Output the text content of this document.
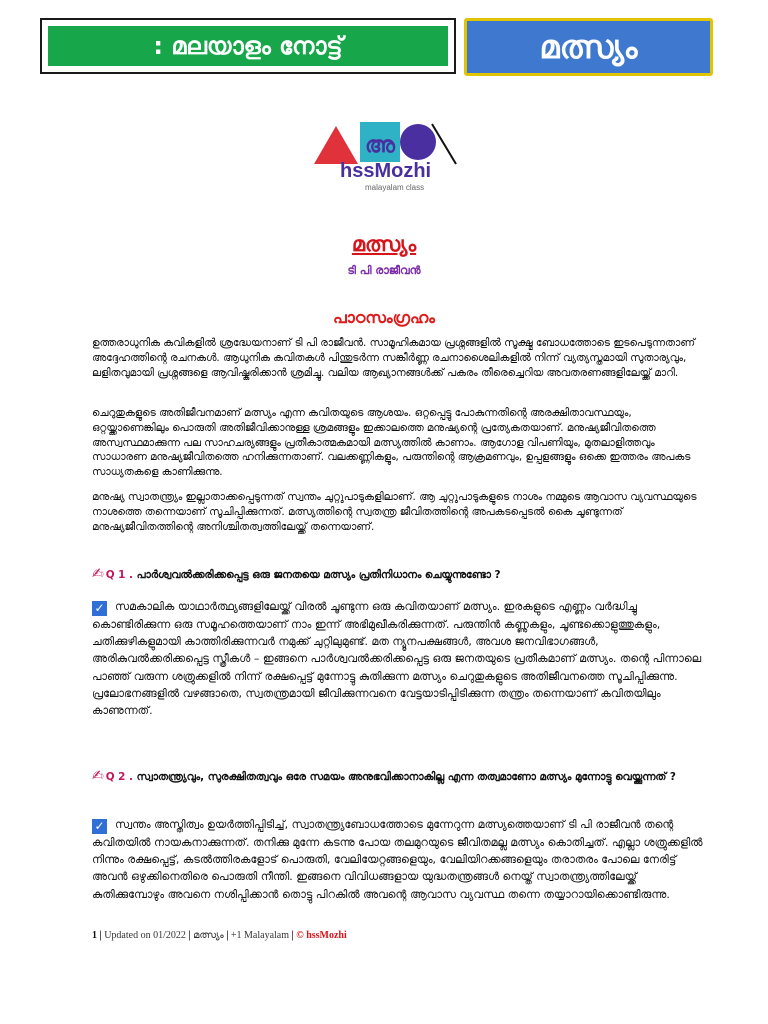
: മലയാളം നോട്ട്	മത്സ്യം
അ
hssMozhi
malayalam class
മത്സ്യം
ടി പി രാജീവൻ
പാഠസംഗ്രഹം

ഉത്തരാധുനിക കവികളിൽ ശ്രദ്ധേയനാണ് ടി പി രാജീവൻ. സാമൂഹികമായ പ്രശ്നങ്ങളിൽ സൂക്ഷ്മ ബോധത്തോടെ ഇടപെടുന്നതാണ് അദ്ദേഹത്തിന്റെ രചനകൾ. ആധുനിക കവിതകൾ പിന്തുടർന്ന സങ്കീർണ്ണ രചനാശൈലികളിൽ നിന്ന് വ്യത്യസ്തമായി സുതാര്യവും, ലളിതവുമായി പ്രശ്നങ്ങളെ ആവിഷ്കരിക്കാൻ ശ്രമിച്ചു. വലിയ ആഖ്യാനങ്ങൾക്ക് പകരം തീരെച്ചെറിയ അവതരണങ്ങളിലേയ്ക്ക് മാറി.

ചെറുതുകളുടെ അതിജീവനമാണ് മത്സ്യം എന്ന കവിതയുടെ ആശയം. ഒറ്റപ്പെട്ടു പോകുന്നതിന്റെ അരക്ഷിതാവസ്ഥയും, ഒറ്റയ്ക്കാണെങ്കിലും പൊരുതി അതിജീവിക്കാനുള്ള ശ്രമങ്ങളും ഇക്കാലത്തെ മനുഷ്യന്റെ പ്രത്യേകതയാണ്. മനുഷ്യജീവിതത്തെ അസ്വസ്ഥമാക്കുന്ന പല സാഹചര്യങ്ങളും പ്രതീകാത്മകമായി മത്സ്യത്തിൽ കാണാം. ആഗോള വിപണിയും, മുതലാളിത്തവും സാധാരണ മനുഷ്യജീവിതത്തെ ഹനിക്കുന്നതാണ്. വലക്കണ്ണികളും, പരുന്തിന്റെ ആക്രമണവും, ഉപ്പളങ്ങളും ഒക്കെ ഇത്തരം അപകട സാധ്യതകളെ കാണിക്കുന്നു.

മനുഷ്യ സ്വാതന്ത്ര്യം ഇല്ലാതാക്കപ്പെടുന്നത് സ്വന്തം ചുറ്റുപാടുകളിലാണ്. ആ ചുറ്റുപാടുകളുടെ നാശം നമ്മുടെ ആവാസ വ്യവസ്ഥയുടെ നാശത്തെ തന്നെയാണ് സൂചിപ്പിക്കുന്നത്. മത്സ്യത്തിന്റെ സ്വതന്ത്ര ജീവിതത്തിന്റെ അപകടപ്പെടൽ കൈ ചൂണ്ടുന്നത് മനുഷ്യജീവിതത്തിന്റെ അനിശ്ചിതത്വത്തിലേയ്ക്ക് തന്നെയാണ്.

✍ Q 1 . പാർശ്വവൽക്കരിക്കപ്പെട്ട ഒരു ജനതയെ മത്സ്യം പ്രതിനിധാനം ചെയ്യുന്നുണ്ടോ ?

✓ സമകാലിക യാഥാർത്ഥ്യങ്ങളിലേയ്ക്ക് വിരൽ ചൂണ്ടുന്ന ഒരു കവിതയാണ് മത്സ്യം. ഇരകളുടെ എണ്ണം വർദ്ധിച്ചു കൊണ്ടിരിക്കുന്ന ഒരു സമൂഹത്തെയാണ് നാം ഇന്ന് അഭിമുഖീകരിക്കുന്നത്. പരുന്തിൻ കണ്ണുകളും, ചൂണ്ടക്കൊളുത്തുകളും, ചതിക്കുഴികളുമായി കാത്തിരിക്കുന്നവർ നമുക്ക് ചുറ്റിലുമുണ്ട്. മത ന്യൂനപക്ഷങ്ങൾ, അവശ ജനവിഭാഗങ്ങൾ, അരികുവൽക്കരിക്കപ്പെട്ട സ്ത്രീകൾ – ഇങ്ങനെ പാർശ്വവൽക്കരിക്കപ്പെട്ട ഒരു ജനതയുടെ പ്രതീകമാണ് മത്സ്യം. തന്റെ പിന്നാലെ പാഞ്ഞ് വരുന്ന ശത്രുക്കളിൽ നിന്ന് രക്ഷപ്പെട്ട് മുന്നോട്ടു കുതിക്കുന്ന മത്സ്യം ചെറുതുകളുടെ അതിജീവനത്തെ സൂചിപ്പിക്കുന്നു. പ്രലോഭനങ്ങളിൽ വഴങ്ങാതെ, സ്വതന്ത്രമായി ജീവിക്കുന്നവനെ വേട്ടയാടിപ്പിടിക്കുന്ന തന്ത്രം തന്നെയാണ് കവിതയിലും കാണുന്നത്.

✍ Q 2 . സ്വാതന്ത്ര്യവും, സുരക്ഷിതത്വവും ഒരേ സമയം അനുഭവിക്കാനാകില്ല എന്ന തത്വമാണോ മത്സ്യം മുന്നോട്ടു വെയ്ക്കുന്നത് ?

✓ സ്വന്തം അസ്തിത്വം ഉയർത്തിപ്പിടിച്ച്, സ്വാതന്ത്ര്യബോധത്തോടെ മുന്നേറുന്ന മത്സ്യത്തെയാണ് ടി പി രാജീവൻ തന്റെ കവിതയിൽ നായകനാക്കുന്നത്. തനിക്കു മുന്നേ കടന്നു പോയ തലമുറയുടെ ജീവിതമല്ല മത്സ്യം കൊതിച്ചത്. എല്ലാ ശത്രുക്കളിൽ നിന്നും രക്ഷപ്പെട്ട്, കടൽത്തിരകളോട് പൊരുതി, വേലിയേറ്റങ്ങളെയും, വേലിയിറക്കങ്ങളെയും തരാതരം പോലെ നേരിട്ട് അവൻ ഒഴുക്കിനെതിരെ പൊരുതി നീന്തി. ഇങ്ങനെ വിവിധങ്ങളായ യുദ്ധതന്ത്രങ്ങൾ നെയ്ത് സ്വാതന്ത്ര്യത്തിലേയ്ക്ക് കുതിക്കുമ്പോഴും അവനെ നശിപ്പിക്കാൻ തൊട്ടു പിറകിൽ അവന്റെ ആവാസ വ്യവസ്ഥ തന്നെ തയ്യാറായിക്കൊണ്ടിരുന്നു.

1 | Updated on 01/2022 | മത്സ്യം | +1 Malayalam | © hssMozhi
